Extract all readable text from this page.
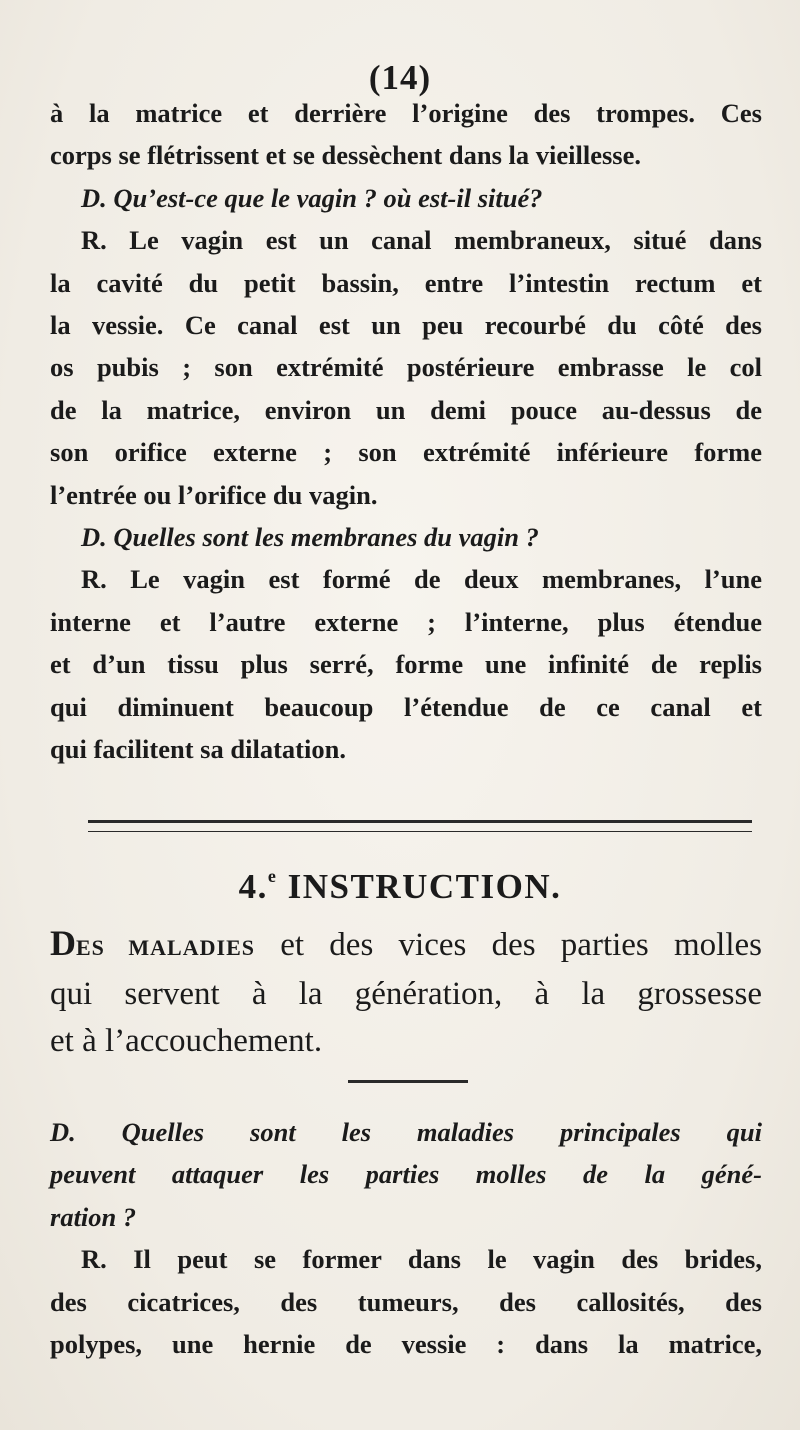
(14)
à la matrice et derrière l’origine des trompes. Ces
corps se flétrissent et se dessèchent dans la vieillesse.
D. Qu’est-ce que le vagin ? où est-il situé?
R. Le vagin est un canal membraneux, situé dans
la cavité du petit bassin, entre l’intestin rectum et
la vessie. Ce canal est un peu recourbé du côté des
os pubis ; son extrémité postérieure embrasse le col
de la matrice, environ un demi pouce au-dessus de
son orifice externe ; son extrémité inférieure forme
l’entrée ou l’orifice du vagin.
D. Quelles sont les membranes du vagin ?
R. Le vagin est formé de deux membranes, l’une
interne et l’autre externe ; l’interne, plus étendue
et d’un tissu plus serré, forme une infinité de replis
qui diminuent beaucoup l’étendue de ce canal et
qui facilitent sa dilatation.
4.$^e$ INSTRUCTION.
DES MALADIES et des vices des parties molles
qui servent à la génération, à la grossesse
et à l’accouchement.
D. Quelles sont les maladies principales qui
peuvent attaquer les parties molles de la géné-
ration ?
R. Il peut se former dans le vagin des brides,
des cicatrices, des tumeurs, des callosités, des
polypes, une hernie de vessie : dans la matrice,
